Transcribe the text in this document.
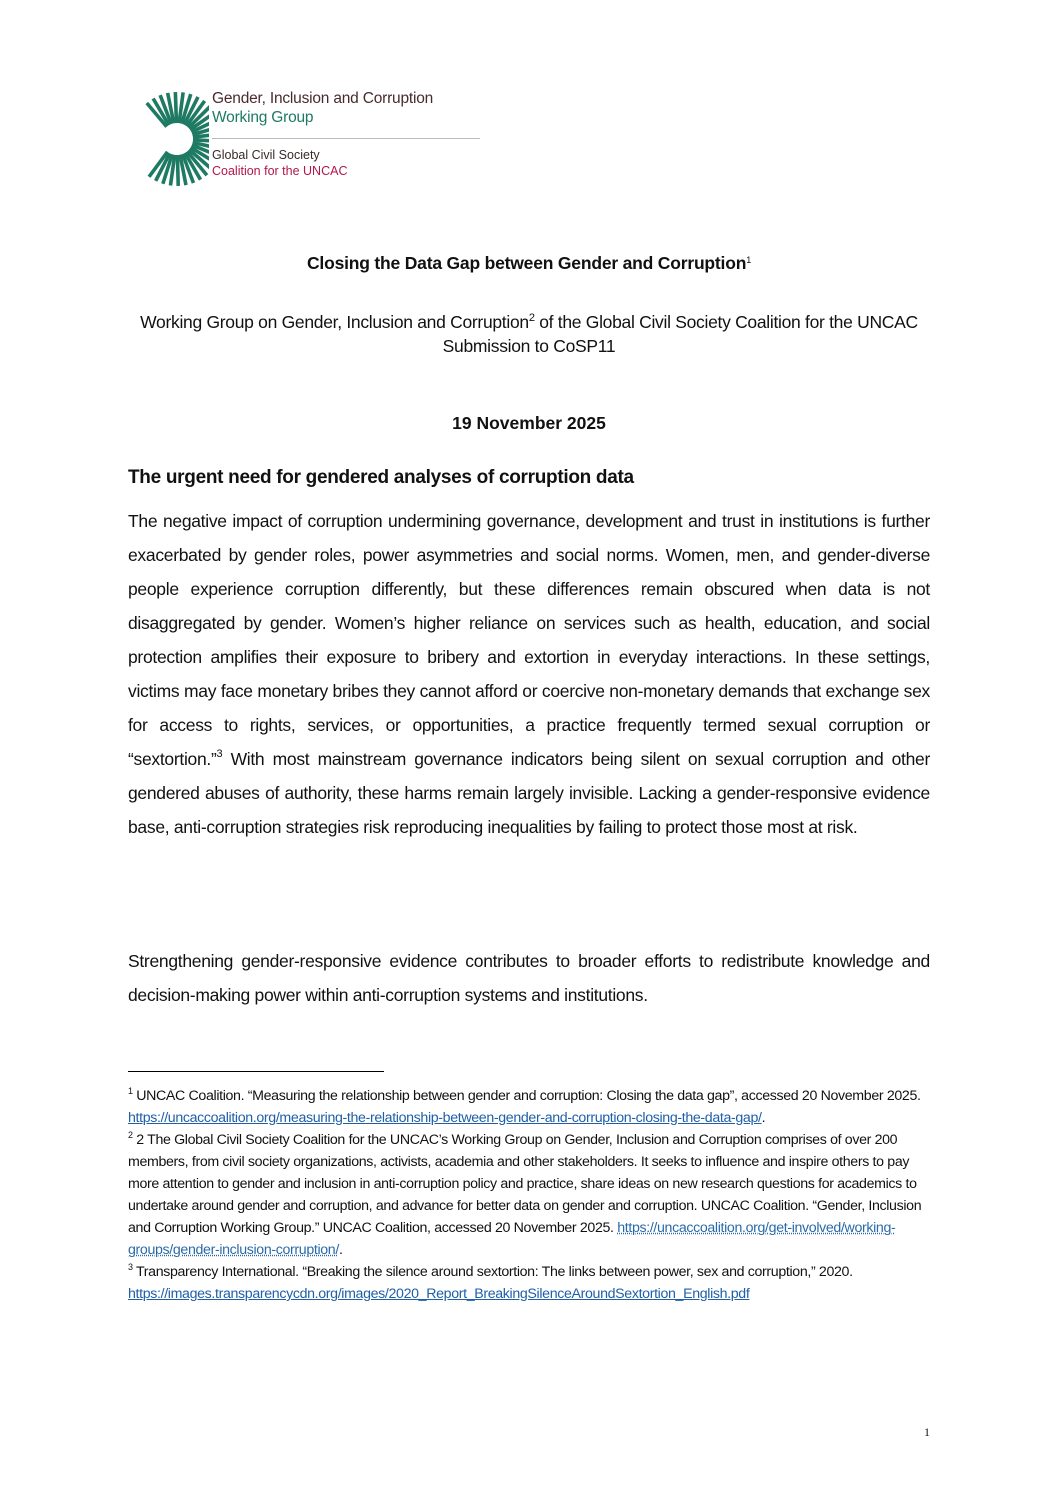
Gender, Inclusion and Corruption
Working Group
Global Civil Society
Coalition for the UNCAC
Closing the Data Gap between Gender and Corruption$^1$
Working Group on Gender, Inclusion and Corruption$^2$ of the Global Civil Society Coalition for the UNCAC Submission to CoSP11
19 November 2025
The urgent need for gendered analyses of corruption data
The negative impact of corruption undermining governance, development and trust in institutions is further exacerbated by gender roles, power asymmetries and social norms. Women, men, and gender-diverse people experience corruption differently, but these differences remain obscured when data is not disaggregated by gender. Women’s higher reliance on services such as health, education, and social protection amplifies their exposure to bribery and extortion in everyday interactions. In these settings, victims may face monetary bribes they cannot afford or coercive non-monetary demands that exchange sex for access to rights, services, or opportunities, a practice frequently termed sexual corruption or “sextortion.”$^3$ With most mainstream governance indicators being silent on sexual corruption and other gendered abuses of authority, these harms remain largely invisible. Lacking a gender-responsive evidence base, anti-corruption strategies risk reproducing inequalities by failing to protect those most at risk.
Strengthening gender-responsive evidence contributes to broader efforts to redistribute knowledge and decision-making power within anti-corruption systems and institutions.
$^1$ UNCAC Coalition. “Measuring the relationship between gender and corruption: Closing the data gap”, accessed 20 November 2025. https://uncaccoalition.org/measuring-the-relationship-between-gender-and-corruption-closing-the-data-gap/.
$^2$ 2 The Global Civil Society Coalition for the UNCAC’s Working Group on Gender, Inclusion and Corruption comprises of over 200 members, from civil society organizations, activists, academia and other stakeholders. It seeks to influence and inspire others to pay more attention to gender and inclusion in anti-corruption policy and practice, share ideas on new research questions for academics to undertake around gender and corruption, and advance for better data on gender and corruption. UNCAC Coalition. “Gender, Inclusion and Corruption Working Group.” UNCAC Coalition, accessed 20 November 2025. https://uncaccoalition.org/get-involved/working-groups/gender-inclusion-corruption/.
$^3$ Transparency International. “Breaking the silence around sextortion: The links between power, sex and corruption,” 2020. https://images.transparencycdn.org/images/2020_Report_BreakingSilenceAroundSextortion_English.pdf
1
